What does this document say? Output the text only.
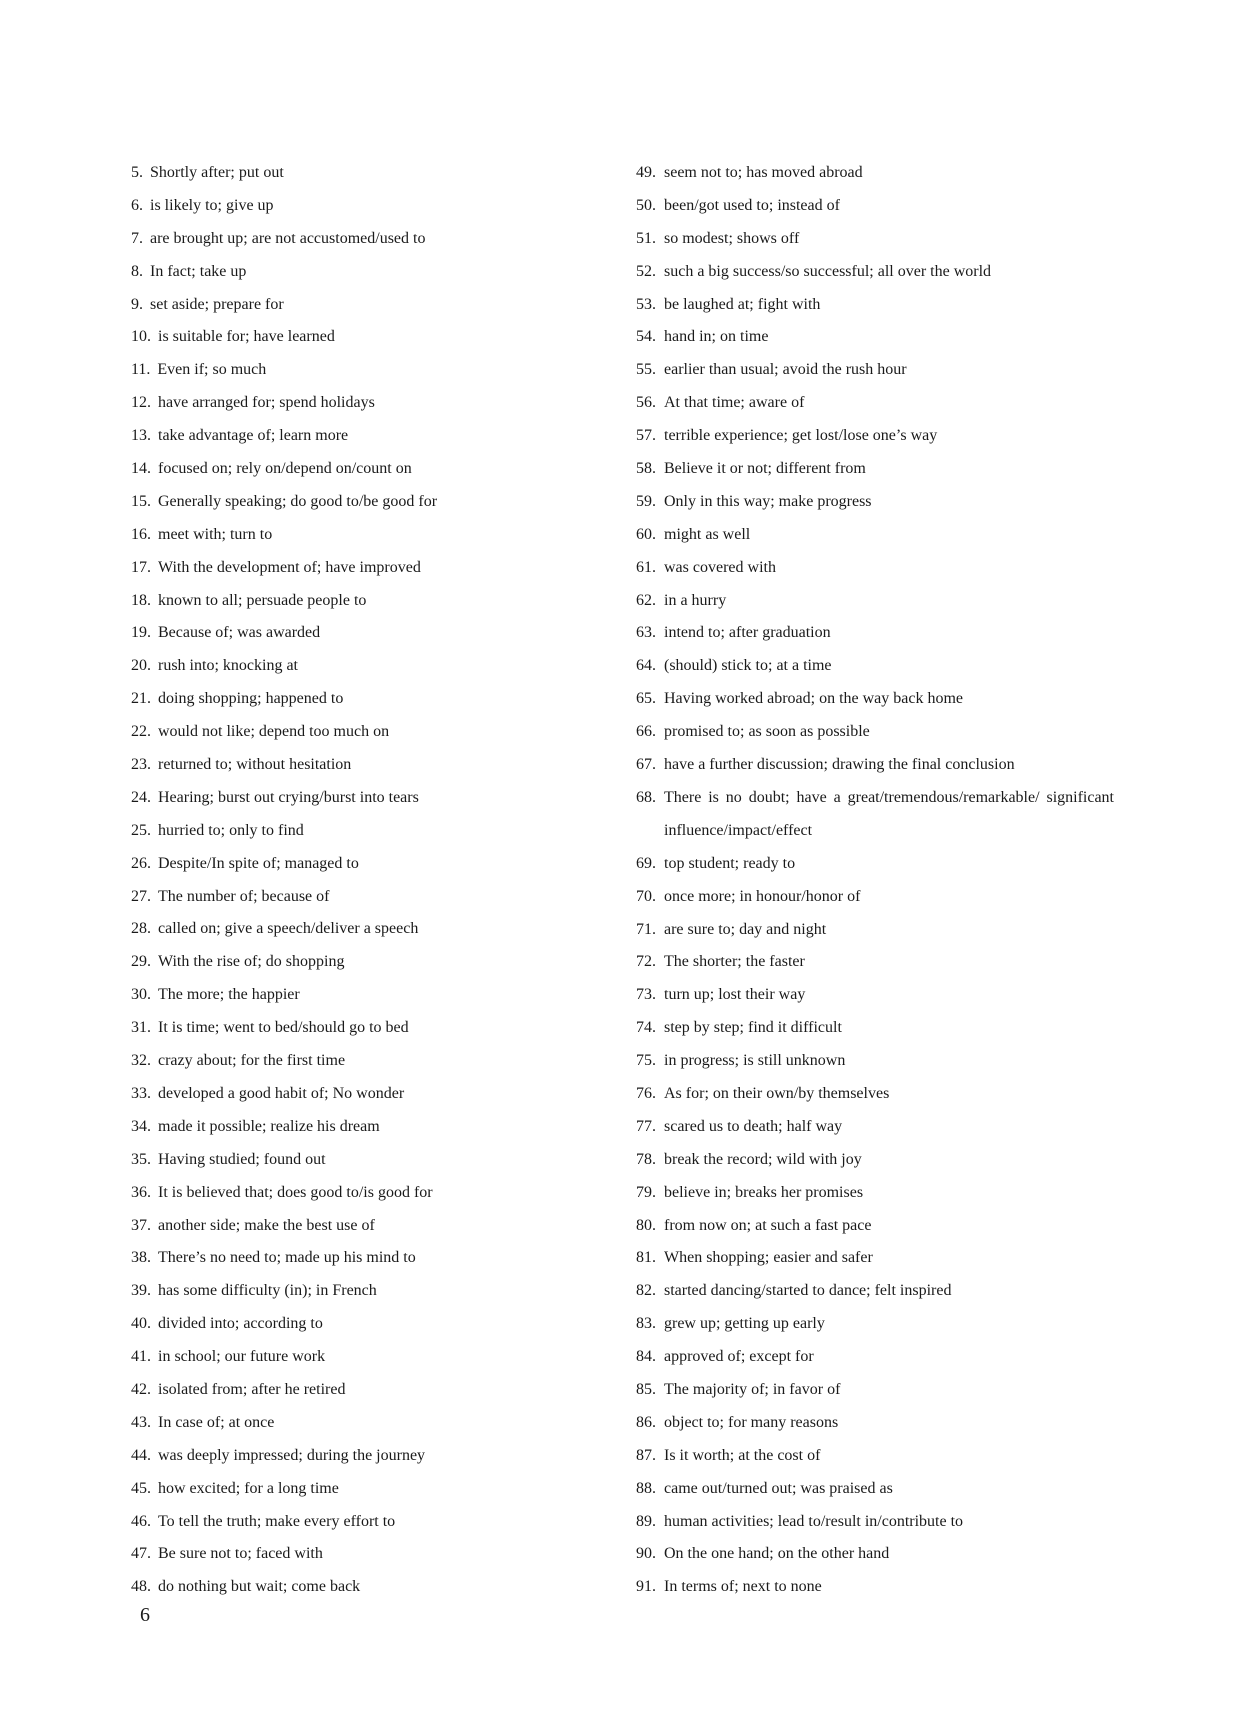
5. Shortly after; put out
6. is likely to; give up
7. are brought up; are not accustomed/used to
8. In fact; take up
9. set aside; prepare for
10. is suitable for; have learned
11. Even if; so much
12. have arranged for; spend holidays
13. take advantage of; learn more
14. focused on; rely on/depend on/count on
15. Generally speaking; do good to/be good for
16. meet with; turn to
17. With the development of; have improved
18. known to all; persuade people to
19. Because of; was awarded
20. rush into; knocking at
21. doing shopping; happened to
22. would not like; depend too much on
23. returned to; without hesitation
24. Hearing; burst out crying/burst into tears
25. hurried to; only to find
26. Despite/In spite of; managed to
27. The number of; because of
28. called on; give a speech/deliver a speech
29. With the rise of; do shopping
30. The more; the happier
31. It is time; went to bed/should go to bed
32. crazy about; for the first time
33. developed a good habit of; No wonder
34. made it possible; realize his dream
35. Having studied; found out
36. It is believed that; does good to/is good for
37. another side; make the best use of
38. There’s no need to; made up his mind to
39. has some difficulty (in); in French
40. divided into; according to
41. in school; our future work
42. isolated from; after he retired
43. In case of; at once
44. was deeply impressed; during the journey
45. how excited; for a long time
46. To tell the truth; make every effort to
47. Be sure not to; faced with
48. do nothing but wait; come back
49. seem not to; has moved abroad
50. been/got used to; instead of
51. so modest; shows off
52. such a big success/so successful; all over the world
53. be laughed at; fight with
54. hand in; on time
55. earlier than usual; avoid the rush hour
56. At that time; aware of
57. terrible experience; get lost/lose one’s way
58. Believe it or not; different from
59. Only in this way; make progress
60. might as well
61. was covered with
62. in a hurry
63. intend to; after graduation
64. (should) stick to; at a time
65. Having worked abroad; on the way back home
66. promised to; as soon as possible
67. have a further discussion; drawing the final conclusion
68. There is no doubt; have a great/tremendous/remarkable/ significant influence/impact/effect
69. top student; ready to
70. once more; in honour/honor of
71. are sure to; day and night
72. The shorter; the faster
73. turn up; lost their way
74. step by step; find it difficult
75. in progress; is still unknown
76. As for; on their own/by themselves
77. scared us to death; half way
78. break the record; wild with joy
79. believe in; breaks her promises
80. from now on; at such a fast pace
81. When shopping; easier and safer
82. started dancing/started to dance; felt inspired
83. grew up; getting up early
84. approved of; except for
85. The majority of; in favor of
86. object to; for many reasons
87. Is it worth; at the cost of
88. came out/turned out; was praised as
89. human activities; lead to/result in/contribute to
90. On the one hand; on the other hand
91. In terms of; next to none
6
